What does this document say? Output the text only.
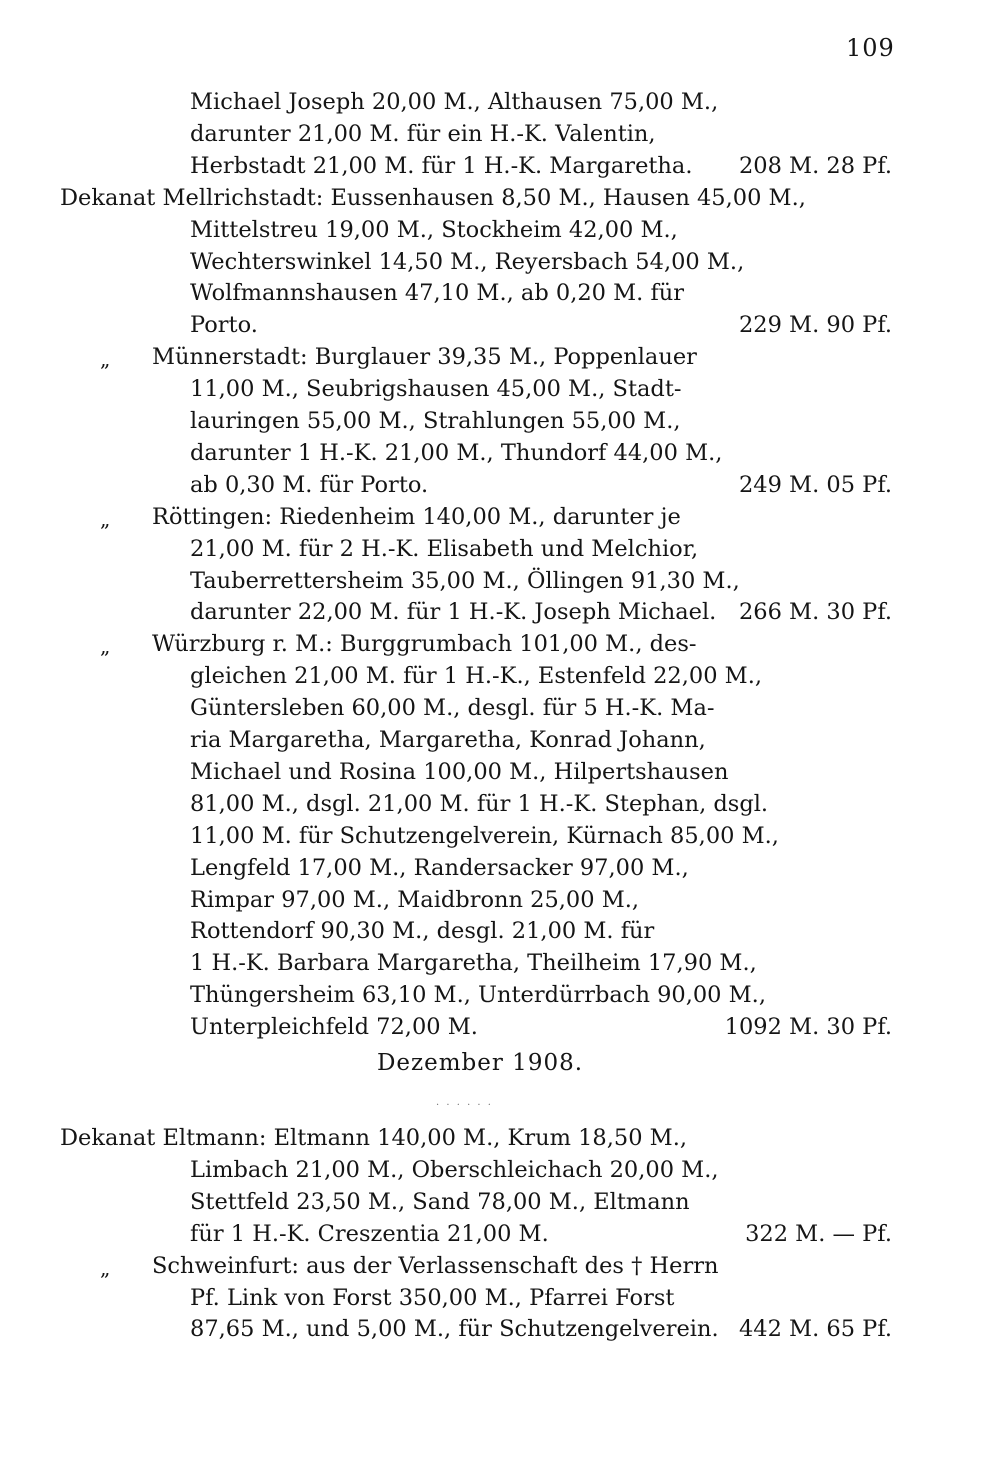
109
Michael Joseph 20,00 M., Althausen 75,00 M.,
darunter 21,00 M. für ein H.-K. Valentin,
Herbstadt 21,00 M. für 1 H.-K. Margaretha. 208 M. 28 Pf.
Dekanat Mellrichstadt: Eussenhausen 8,50 M., Hausen 45,00 M.,
Mittelstreu 19,00 M., Stockheim 42,00 M.,
Wechterswinkel 14,50 M., Reyersbach 54,00 M.,
Wolfmannshausen 47,10 M., ab 0,20 M. für
Porto.	229 M. 90 Pf.
„ Münnerstadt: Burglauer 39,35 M., Poppenlauer
11,00 M., Seubrigshausen 45,00 M., Stadt-
lauringen 55,00 M., Strahlungen 55,00 M.,
darunter 1 H.-K. 21,00 M., Thundorf 44,00 M.,
ab 0,30 M. für Porto.	249 M. 05 Pf.
„ Röttingen: Riedenheim 140,00 M., darunter je
21,00 M. für 2 H.-K. Elisabeth und Melchior,
Tauberrettersheim 35,00 M., Öllingen 91,30 M.,
darunter 22,00 M. für 1 H.-K. Joseph Michael. 266 M. 30 Pf.
„ Würzburg r. M.: Burggrumbach 101,00 M., des-
gleichen 21,00 M. für 1 H.-K., Estenfeld 22,00 M.,
Güntersleben 60,00 M., desgl. für 5 H.-K. Ma-
ria Margaretha, Margaretha, Konrad Johann,
Michael und Rosina 100,00 M., Hilpertshausen
81,00 M., dsgl. 21,00 M. für 1 H.-K. Stephan, dsgl.
11,00 M. für Schutzengelverein, Kürnach 85,00 M.,
Lengfeld 17,00 M., Randersacker 97,00 M.,
Rimpar 97,00 M., Maidbronn 25,00 M.,
Rottendorf 90,30 M., desgl. 21,00 M. für
1 H.-K. Barbara Margaretha, Theilheim 17,90 M.,
Thüngersheim 63,10 M., Unterdürrbach 90,00 M.,
Unterpleichfeld 72,00 M.	1092 M. 30 Pf.
Dezember 1908.
· · · · · ·
Dekanat Eltmann: Eltmann 140,00 M., Krum 18,50 M.,
Limbach 21,00 M., Oberschleichach 20,00 M.,
Stettfeld 23,50 M., Sand 78,00 M., Eltmann
für 1 H.-K. Creszentia 21,00 M.	322 M. — Pf.
„ Schweinfurt: aus der Verlassenschaft des † Herrn
Pf. Link von Forst 350,00 M., Pfarrei Forst
87,65 M., und 5,00 M., für Schutzengelverein. 442 M. 65 Pf.
